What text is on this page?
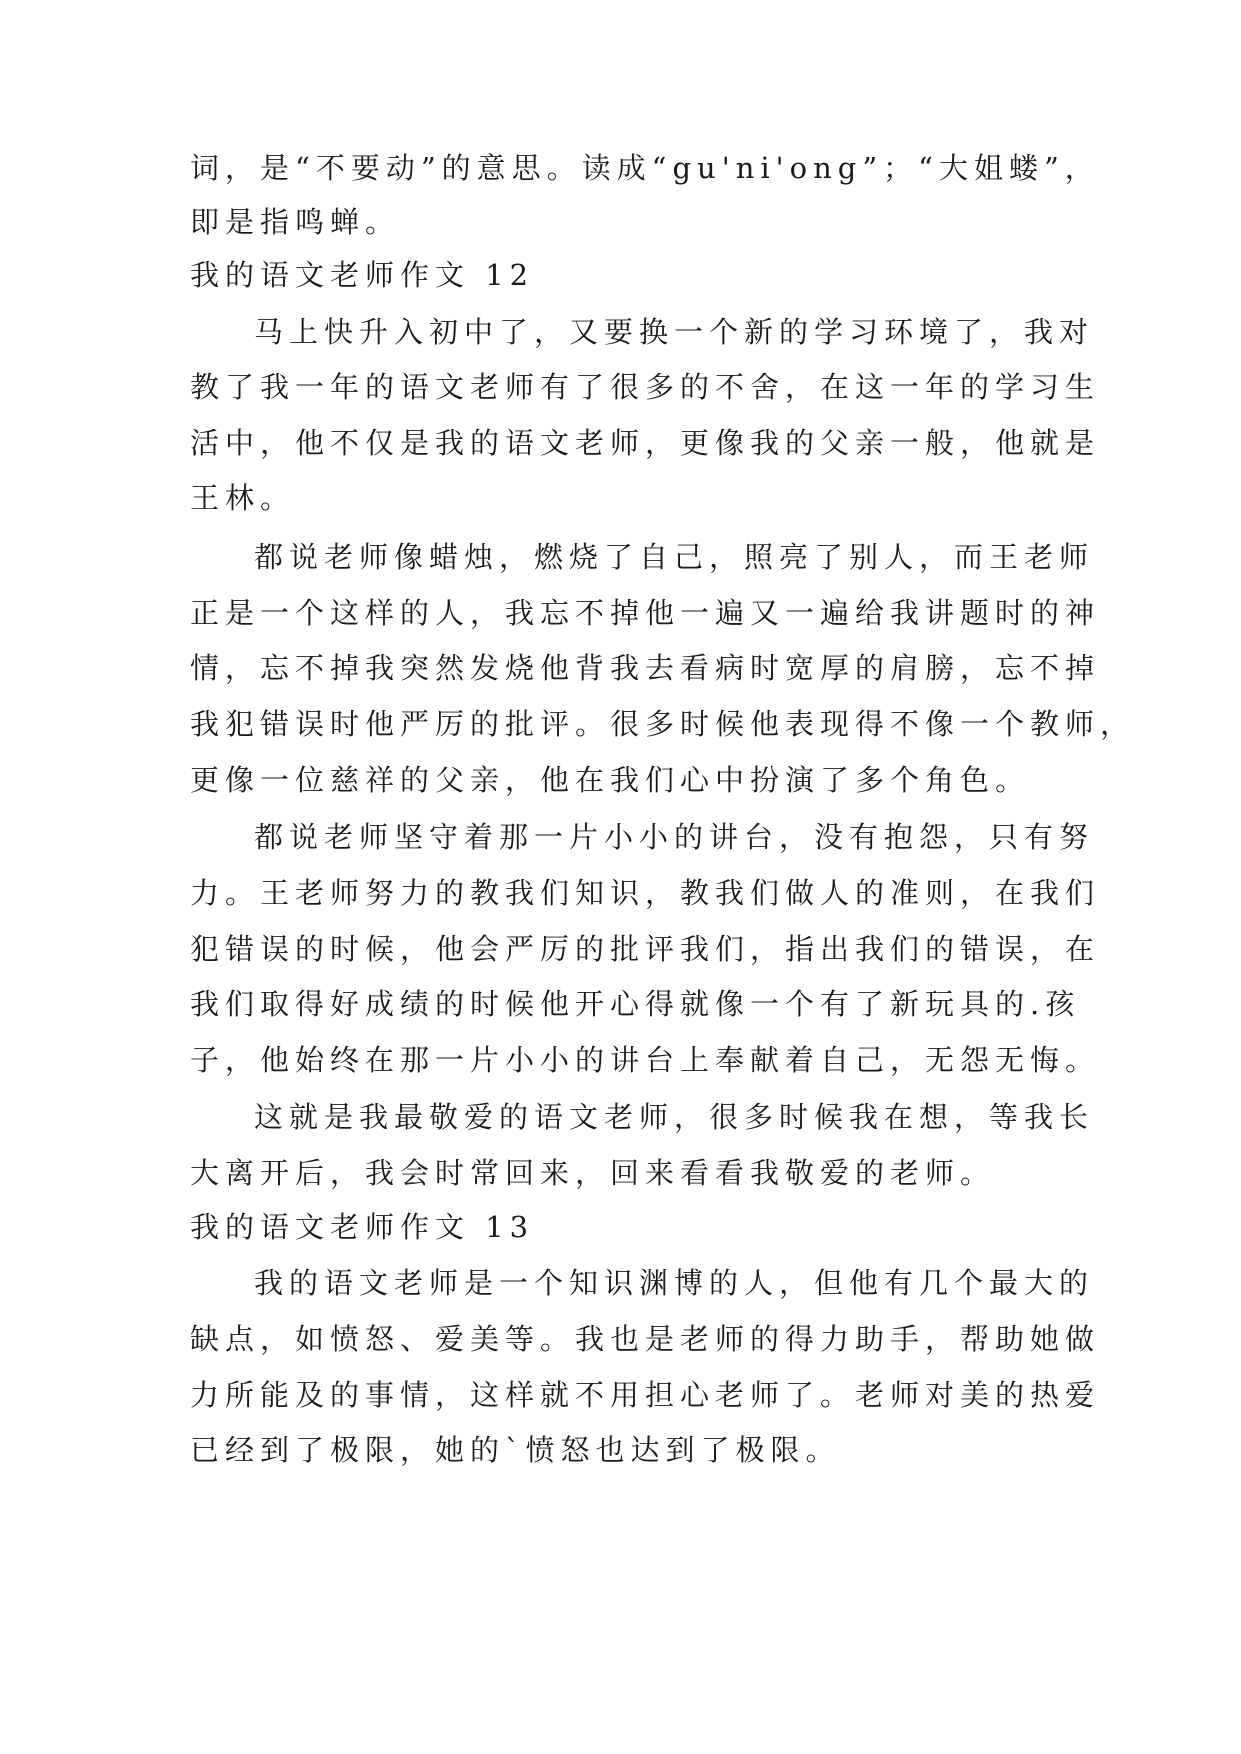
词，是“不要动”的意思。读成“gu'ni'ong”；“大姐蝼”，
即是指鸣蝉。
我的语文老师作文 12
马上快升入初中了，又要换一个新的学习环境了，我对
教了我一年的语文老师有了很多的不舍，在这一年的学习生
活中，他不仅是我的语文老师，更像我的父亲一般，他就是
王林。
都说老师像蜡烛，燃烧了自己，照亮了别人，而王老师
正是一个这样的人，我忘不掉他一遍又一遍给我讲题时的神
情，忘不掉我突然发烧他背我去看病时宽厚的肩膀，忘不掉
我犯错误时他严厉的批评。很多时候他表现得不像一个教师，
更像一位慈祥的父亲，他在我们心中扮演了多个角色。
都说老师坚守着那一片小小的讲台，没有抱怨，只有努
力。王老师努力的教我们知识，教我们做人的准则，在我们
犯错误的时候，他会严厉的批评我们，指出我们的错误，在
我们取得好成绩的时候他开心得就像一个有了新玩具的.孩
子，他始终在那一片小小的讲台上奉献着自己，无怨无悔。
这就是我最敬爱的语文老师，很多时候我在想，等我长
大离开后，我会时常回来，回来看看我敬爱的老师。
我的语文老师作文 13
我的语文老师是一个知识渊博的人，但他有几个最大的
缺点，如愤怒、爱美等。我也是老师的得力助手，帮助她做
力所能及的事情，这样就不用担心老师了。老师对美的热爱
已经到了极限，她的`愤怒也达到了极限。
